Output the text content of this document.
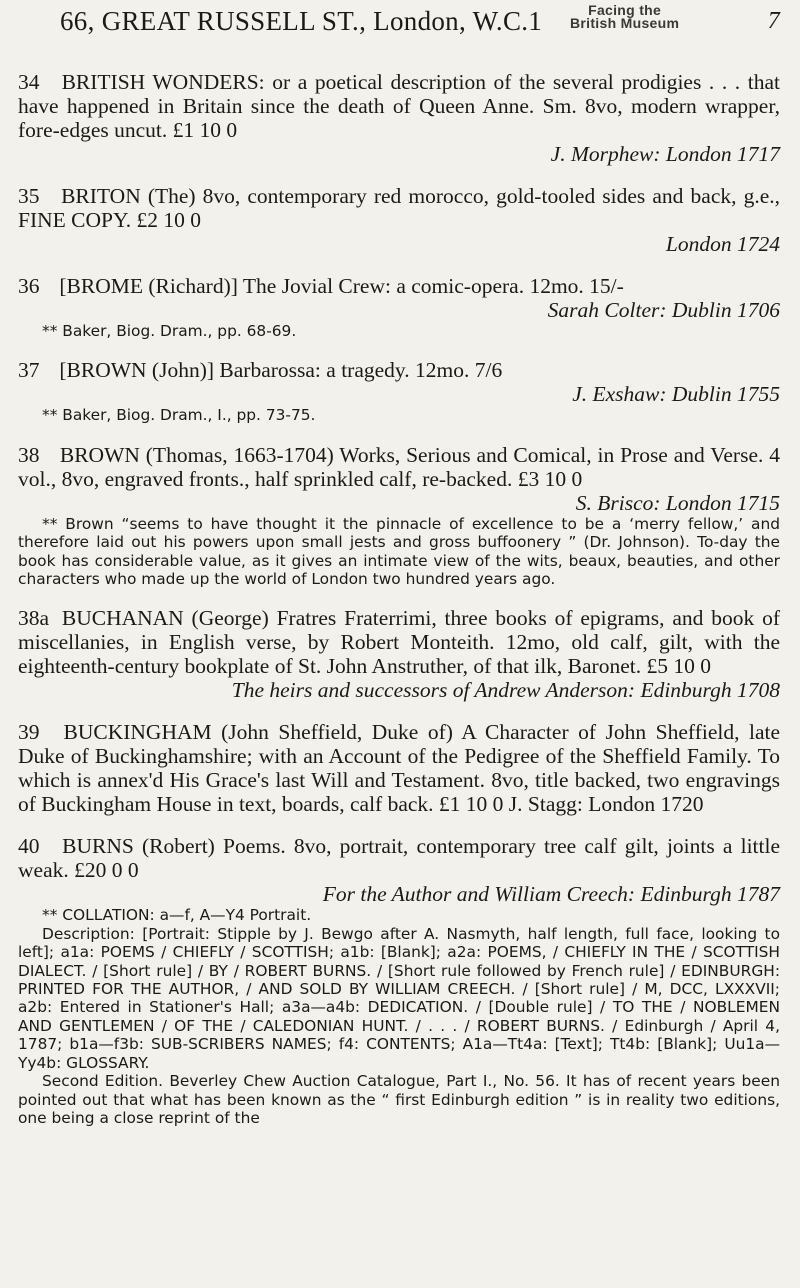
66, GREAT RUSSELL ST., London, W.C.1	Facing the
British Museum	7
34 BRITISH WONDERS: or a poetical description of the several prodigies . . . that have happened in Britain since the death of Queen Anne. Sm. 8vo, modern wrapper, fore-edges uncut. £1 10 0
J. Morphew: London 1717
35 BRITON (The) 8vo, contemporary red morocco, gold-tooled sides and back, g.e., FINE COPY. £2 10 0
London 1724
36 [BROME (Richard)] The Jovial Crew: a comic-opera. 12mo. 15/-
Sarah Colter: Dublin 1706
** Baker, Biog. Dram., pp. 68-69.
37 [BROWN (John)] Barbarossa: a tragedy. 12mo. 7/6
J. Exshaw: Dublin 1755
** Baker, Biog. Dram., I., pp. 73-75.
38 BROWN (Thomas, 1663-1704) Works, Serious and Comical, in Prose and Verse. 4 vol., 8vo, engraved fronts., half sprinkled calf, re-backed. £3 10 0
S. Brisco: London 1715
** Brown “seems to have thought it the pinnacle of excellence to be a ‘merry fellow,’ and therefore laid out his powers upon small jests and gross buffoonery ” (Dr. Johnson). To-day the book has considerable value, as it gives an intimate view of the wits, beaux, beauties, and other characters who made up the world of London two hundred years ago.
38a BUCHANAN (George) Fratres Fraterrimi, three books of epigrams, and book of miscellanies, in English verse, by Robert Monteith. 12mo, old calf, gilt, with the eighteenth-century bookplate of St. John Anstruther, of that ilk, Baronet. £5 10 0
The heirs and successors of Andrew Anderson: Edinburgh 1708
39 BUCKINGHAM (John Sheffield, Duke of) A Character of John Sheffield, late Duke of Buckinghamshire; with an Account of the Pedigree of the Sheffield Family. To which is annex'd His Grace's last Will and Testament. 8vo, title backed, two engravings of Buckingham House in text, boards, calf back. £1 10 0 J. Stagg: London 1720
40 BURNS (Robert) Poems. 8vo, portrait, contemporary tree calf gilt, joints a little weak. £20 0 0
For the Author and William Creech: Edinburgh 1787
** COLLATION: a—f, A—Y4 Portrait.
Description: [Portrait: Stipple by J. Bewgo after A. Nasmyth, half length, full face, looking to left]; a1a: POEMS / CHIEFLY / SCOTTISH; a1b: [Blank]; a2a: POEMS, / CHIEFLY IN THE / SCOTTISH DIALECT. / [Short rule] / BY / ROBERT BURNS. / [Short rule followed by French rule] / EDINBURGH: PRINTED FOR THE AUTHOR, / AND SOLD BY WILLIAM CREECH. / [Short rule] / M, DCC, LXXXVII; a2b: Entered in Stationer's Hall; a3a—a4b: DEDICATION. / [Double rule] / TO THE / NOBLEMEN AND GENTLEMEN / OF THE / CALEDONIAN HUNT. / . . . / ROBERT BURNS. / Edinburgh / April 4, 1787; b1a—f3b: SUB-SCRIBERS NAMES; f4: CONTENTS; A1a—Tt4a: [Text]; Tt4b: [Blank]; Uu1a—Yy4b: GLOSSARY.
Second Edition. Beverley Chew Auction Catalogue, Part I., No. 56. It has of recent years been pointed out that what has been known as the “ first Edinburgh edition ” is in reality two editions, one being a close reprint of the
